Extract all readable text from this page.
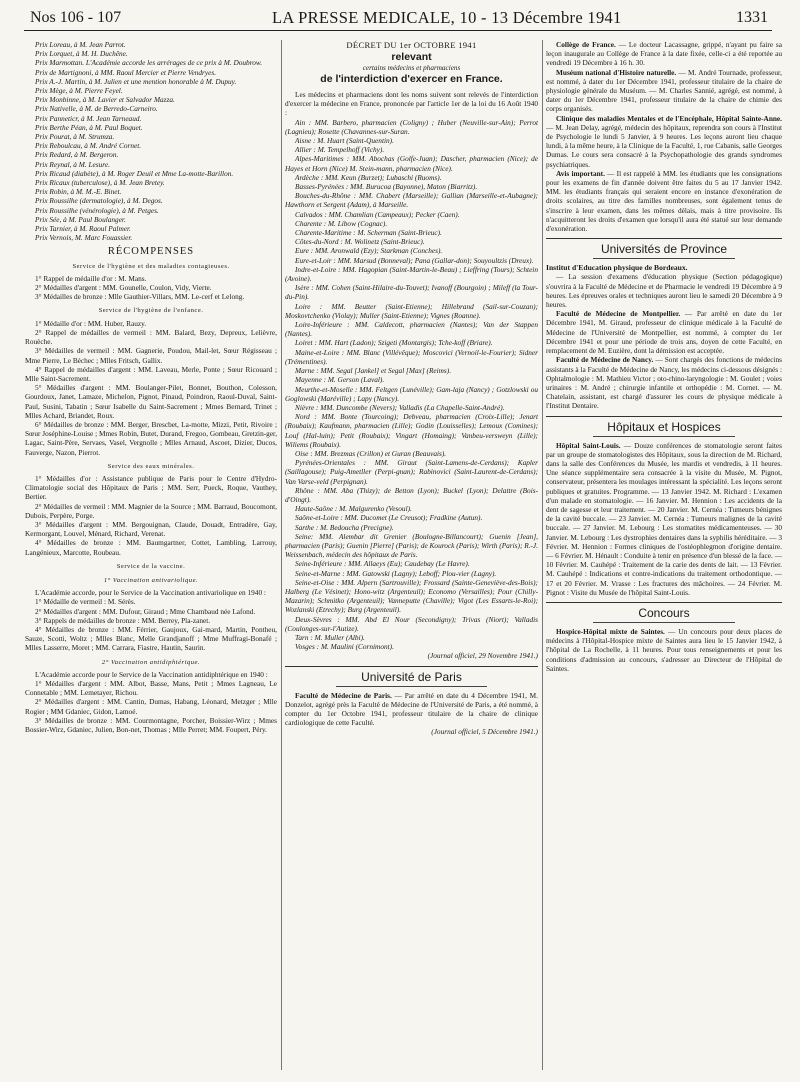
Nos 106 - 107	LA PRESSE MEDICALE, 10 - 13 Décembre 1941	1331

Prix Loreau, à M. Jean Parrot.

Prix Lorquet, à M. H. Duchêne.

Prix Marmottan. L'Académie accorde les arrérages de ce prix à M. Doubrow.

Prix de Martignoni, à MM. Raoul Mercier et Pierre Vendryes.

Prix A.-J. Martin, à M. Julien et une mention honorable à M. Dupuy.

Prix Mège, à M. Pierre Feyel.

Prix Monbinne, à M. Lavier et Salvador Mazza.

Prix Nativelle, à M. de Berredo-Carneiro.

Prix Panneticr, à M. Jean Tarneaud.

Prix Berthe Péan, à M. Paul Boquet.

Prix Pourat, à M. Strumza.

Prix Reboulcau, à M. André Cornet.

Prix Redard, à M. Bergeron.

Prix Reynal, à M. Lesure.

Prix Ricaud (diabète), à M. Roger Deuil et Mme La-motte-Barillon.

Prix Ricaux (tuberculose), à M. Jean Bretey.

Prix Robin, à M. M.-E. Binet.

Prix Roussilhe (dermatologie), à M. Degos.

Prix Roussilhe (vénérologie), à M. Petges.

Prix Sée, à M. Paul Boulanger.

Prix Tarnier, à M. Raoul Palmer.

Prix Vernois, M. Marc Fouassier.

RÉCOMPENSES

Service de l'hygiène et des maladies contagieuses.

1° Rappel de médaille d'or : M. Mans.

2° Médailles d'argent : MM. Gounelle, Coulon, Vidy, Vierte.

3° Médailles de bronze : Mlle Gauthier-Villars, MM. Le-cerf et Lelong.

Service de l'hygiène de l'enfance.

1° Médaille d'or : MM. Huber, Rauzy.

2° Rappel de médailles de vermeil : MM. Balard, Bezy, Depreux, Lelièvre, Rouèche.

3° Médailles de vermeil : MM. Gagnerie, Poudou, Mail-let, Sœur Régisseau ; Mme Pierre, Le Béchec ; Mlles Fritsch, Gallix.

4° Rappel de médailles d'argent : MM. Laveau, Merle, Ponte ; Sœur Ricouard ; Mlle Saint-Sacrement.

5° Médailles d'argent : MM. Boulanger-Pilet, Bonnet, Bouthon, Colesson, Gourdoux, Janet, Lamaze, Michelon, Pignot, Pinaud, Poindron, Raoul-Duval, Saint-Paul, Susini, Tabatin ; Sœur Isabelle du Saint-Sacrement ; Mmes Bernard, Trinet ; Mlles Achard, Briandet, Roux.

6° Médailles de bronze : MM. Berger, Brescbet, La-motte, Mizzi, Petit, Rivoire ; Sœur Joséphine-Louise ; Mmes Robin, Butet, Durand, Fregoo, Gombeau, Gretzin-ger, Lagac, Saint-Père, Servaes, Vasel, Vergnolle ; Mlles Arnaud, Ascoet, Dizier, Ducos, Fauverge, Nazon, Pierrot.

Service des eaux minérales.

1° Médailles d'or : Assistance publique de Paris pour le Centre d'Hydro-Climatologie social des Hôpitaux de Paris ; MM. Serr, Pueck, Roque, Vauthey, Bertier.

2° Médailles de vermeil : MM. Magnier de la Source ; MM. Barraud, Boucomont, Dubois, Perpère, Porge.

3° Médailles d'argent : MM. Bergouignan, Claude, Douadt, Entradère, Gay, Kermorgant, Louvel, Ménard, Richard, Verenat.

4° Médailles de bronze : MM. Baumgartner, Cottet, Lambling, Larrouy, Langénieux, Marcotte, Roubeau.

Service de la vaccine.

1° Vaccination antivariolique.

L'Académie accorde, pour le Service de la Vaccination antivariolique en 1940 :

1° Médaille de vermeil : M. Sérès.

2° Médailles d'argent : MM. Dufour, Giraud ; Mme Chambaud née Lafond.

3° Rappels de médailles de bronze : MM. Berrey, Pla-zanet.

4° Médailles de bronze : MM. Férrier, Gaujoux, Gai-mard, Martin, Pontheu, Sauze, Scotti, Woltz ; Mlles Blanc, Melle Grandjanoff ; Mme Muffragi-Bonafé ; Mlles Lasserre, Moret ; MM. Carrara, Fiastre, Hautin, Saurin.

2° Vaccination antidiphtérique.

L'Académie accorde pour le Service de la Vaccination antidiphtérique en 1940 :

1° Médailles d'argent : MM. Albot, Basse, Mans, Petit ; Mmes Lagneau, Le Connetable ; MM. Lemetayer, Richou.

2° Médailles d'argent : MM. Cantin, Dumas, Habang, Léonard, Metzger ; Mlle Rogier ; MM Gdaniec, Gidon, Lamoé.

3° Médailles de bronze : MM. Courmontagne, Porcher, Boissier-Wirz ; Mmes Bossier-Wirz, Gdaniec, Julien, Bon-net, Thomas ; Mlle Perret; MM. Foupert, Péry.

DÉCRET DU 1er OCTOBRE 1941
relevant
certains médecins et pharmaciens
de l'interdiction d'exercer en France.

Les médecins et pharmaciens dont les noms suivent sont relevés de l'interdiction d'exercer la médecine en France, prononcée par l'article 1er de la loi du 16 Août 1940 :

Ain : MM. Barbero, pharmacien (Coligny) ; Huber (Neuville-sur-Ain); Perrot (Lagnieu); Rosette (Chavannes-sur-Suran.

Aisne : M. Huart (Saint-Quentin).

Allier : M. Tempelhoff (Vichy).

Alpes-Maritimes : MM. Abochas (Golfe-Juan); Dascher, pharmacien (Nice); de Hayes et Horn (Nice) M. Stein-mann, pharmacien (Nice).

Ardèche : MM. Keun (Burzet); Lubaschi (Ruoms).

Basses-Pyrénées : MM. Burucoa (Bayonne), Maton (Biarritz).

Bouches-du-Rhône : MM. Chabert (Marseille); Gallian (Marseille-et-Aubagne); Hawthorn et Sergent (Adam), à Marseille.

Calvados : MM. Chamlian (Campeaux); Pecker (Caen).

Charente : M. Libow (Cognac).

Charente-Maritime : M. Scherman (Saint-Brieuc).

Côtes-du-Nord : M. Wolinetz (Saint-Brieuc).

Eure : MM. Aronwald (Ezy); Starkman (Conches).

Eure-et-Loir : MM. Marsud (Bonneval); Pana (Gallar-don); Souyoultzis (Dreux).

Indre-et-Loire : MM. Hagopian (Saint-Martin-le-Beau) ; Lieffring (Tours); Schtein (Avoine).

Isère : MM. Cohen (Saint-Hilaire-du-Touvet); Ivanoff (Bourgoin) ; Mileff (la Tour-du-Pin).

Loire : MM. Beutter (Saint-Etienne); Hillebrand (Sail-sur-Couzan); Moskovtchenko (Violay); Muller (Saint-Etienne); Vignes (Roanne).

Loire-Inférieure : MM. Caldecott, pharmacien (Nantes); Van der Stappen (Nantes).

Loiret : MM. Hart (Ladon); Szigeti (Montargis); Tche-koff (Briare).

Maine-et-Loire : MM. Blanc (Villévêque); Moscovici (Vernoil-le-Fourier); Sidner (Trémentines).

Marne : MM. Segal [Jankel] et Segal [Max] (Reims).

Mayenne : M. Gerson (Laval).

Meurthe-et-Moselle : MM. Feltgen (Lunéville); Gam-laja (Nancy) ; Gotzlowski ou Goglowski (Maréville) ; Lapy (Nancy).

Nièvre : MM. Duncombe (Nevers); Valladis (La Chapelle-Saint-André).

Nord : MM. Bonte (Tourcoing); Debveau, pharmacien (Croix-Lille); Jenart (Roubaix); Kaufmann, pharmacien (Lille); Godin (Louisselles); Lemoux (Comines); Louf (Hal-luin); Petit (Roubaix); Vingart (Homaing); Vanbeu-versweyn (Lille); Wiliems (Roubaix).

Oise : MM. Brezmas (Crillon) et Guran (Beauvais).

Pyrénées-Orientales : MM. Giraut (Saint-Lamens-de-Cerdans); Kapler (Saillagouse); Puig-Ametller (Perpi-gnan); Rabinovici (Saint-Laurent-de-Cerdans); Van Varse-veld (Perpignan).

Rhône : MM. Aba (Thizy); de Betton (Lyon); Buckel (Lyon); Delattre (Bois-d'Oingt).

Haute-Saône : M. Malgurenko (Vesoul).

Saône-et-Loire : MM. Ducomet (Le Creusot); Fradkine (Autun).

Sarthe : M. Bedoucha (Precigne).

Seine: MM. Alembar dit Grenier (Boulogne-Billancourt); Guenin [Jean], pharmacien (Paris); Guenin [Pierre] (Paris); de Kourock (Paris); Wirth (Paris); R.-J. Weissenbach, médecin des hôpitaux de Paris.

Seine-Inférieure : MM. Allaeys (Eu); Caudebay (Le Havre).

Seine-et-Marne : MM. Gatowski (Lagny); Leboff; Plou-vier (Lagny).

Seine-et-Oise : MM. Alpern (Sartrouville); Frossard (Sainte-Geneviève-des-Bois); Halberg (Le Vésinet); Hono-witz (Argenteuil); Economo (Versailles); Pour (Chilly-Mazarin); Schmitko (Argenteuil); Vanneputte (Chaville); Vigot (Les Essarts-le-Roi); Wozlanski (Etrechy); Burg (Argenteuil).

Deux-Sèvres : MM. Abd El Nour (Secondigny); Trivas (Niort); Valladis (Coulonges-sur-l'Autize).

Tarn : M. Muller (Albi).

Vosges : M. Maulini (Cornimont).

(Journal officiel, 29 Novembre 1941.)

Université de Paris

Faculté de Médecine de Paris. — Par arrêté en date du 4 Décembre 1941, M. Donzelot, agrégé près la Faculté de Médecine de l'Université de Paris, a été nommé, à compter du 1er Octobre 1941, professeur titulaire de la chaire de clinique cardiologique de cette Faculté.

(Journal officiel, 5 Décembre 1941.)

Collège de France. — Le docteur Lacassagne, grippé, n'ayant pu faire sa leçon inaugurale au Collège de France à la date fixée, celle-ci a été reportée au vendredi 19 Décembre à 16 h. 30.

Muséum national d'Histoire naturelle. — M. André Tournade, professeur, est nommé, à dater du 1er Décembre 1941, professeur titulaire de la chaire de physiologie générale du Muséum. — M. Charles Sannié, agrégé, est nommé, à dater du 1er Décembre 1941, professeur titulaire de la chaire de chimie des corps organisés.

Clinique des maladies Mentales et de l'Encéphale, Hôpital Sainte-Anne. — M. Jean Delay, agrégé, médecin des hôpitaux, reprendra son cours à l'Institut de Psychologie le lundi 5 Janvier, à 9 heures. Les leçons auront lieu chaque lundi, à la même heure, à la Clinique de la Faculté, 1, rue Cabanis, salle Georges Dumas. Le cours sera consacré à la Psychopathologie des grands syndromes psychiatriques.

Avis important. — Il est rappelé à MM. les étudiants que les consignations pour les examens de fin d'année doivent être faites du 5 au 17 Janvier 1942. MM. les étudiants français qui seraient encore en instance d'exonération de droits scolaires, au titre des familles nombreuses, sont également tenus de s'inscrire à leur examen, dans les mêmes délais, mais à titre provisoire. Ils n'acquitteront les droits d'examen que lorsqu'il aura été statué sur leur demande d'exonération.

Universités de Province

Institut d'Education physique de Bordeaux.

— La session d'examens d'éducation physique (Section pédagogique) s'ouvrira à la Faculté de Médecine et de Pharmacie le vendredi 19 Décembre à 9 heures. Les épreuves orales et techniques auront lieu le samedi 20 Décembre à 9 heures.

Faculté de Médecine de Montpellier. — Par arrêté en date du 1er Décembre 1941, M. Giraud, professeur de clinique médicale à la Faculté de Médecine de l'Université de Montpellier, est nommé, à compter du 1er Décembre 1941 et pour une période de trois ans, doyen de cette Faculté, en remplacement de M. Euzière, dont la démission est acceptée.

Faculté de Médecine de Nancy. — Sont chargés des fonctions de médecins assistants à la Faculté de Médecine de Nancy, les médecins ci-dessous désignés : Ophtalmologie : M. Mathieu Victor ; oto-rhino-laryngologie : M. Goulet ; voies urinaires : M. André ; chirurgie infantile et orthopédie : M. Cornet. — M. Chatelain, assistant, est chargé d'assurer les cours de physique médicale à l'Institut Dentaire.

Hôpitaux et Hospices

Hôpital Saint-Louis. — Douze conférences de stomatologie seront faites par un groupe de stomatologistes des Hôpitaux, sous la direction de M. Richard, dans la salle des Conférences du Musée, les mardis et vendredis, à 11 heures. Une séance supplémentaire sera consacrée à la visite du Musée, M. Pignot, conservateur, présentera les moulages intéressant la spécialité. Les leçons seront publiques et gratuites. Programme. — 13 Janvier 1942. M. Richard : L'examen d'un malade en stomatologie. — 16 Janvier. M. Hennion : Les accidents de la dent de sagesse et leur traitement. — 20 Janvier. M. Cernéa : Tumeurs bénignes de la cavité buccale. — 23 Janvier. M. Cernéa : Tumeurs malignes de la cavité buccale. — 27 Janvier. M. Lebourg : Les stomatites médicamenteuses. — 30 Janvier. M. Lebourg : Les dystrophies dentaires dans la syphilis héréditaire. — 3 Février. M. Hennion : Formes cliniques de l'ostéophlegmon d'origine dentaire. — 6 Février. M. Hénault : Conduite à tenir en présence d'un blessé de la face. — 10 Février. M. Cauhépé : Traitement de la carie des dents de lait. — 13 Février. M. Cauhépé : Indications et contre-indications du traitement orthodontique. — 17 et 20 Février. M. Vrasse : Les fractures des mâchoires. — 24 Février. M. Pignot : Visite du Musée de l'hôpital Saint-Louis.

Concours

Hospice-Hôpital mixte de Saintes. — Un concours pour deux places de médecins à l'Hôpital-Hospice mixte de Saintes aura lieu le 15 Janvier 1942, à l'hôpital de La Rochelle, à 11 heures. Pour tous renseignements et pour les conditions d'admission au concours, s'adresser au Directeur de l'Hôpital de Saintes.
